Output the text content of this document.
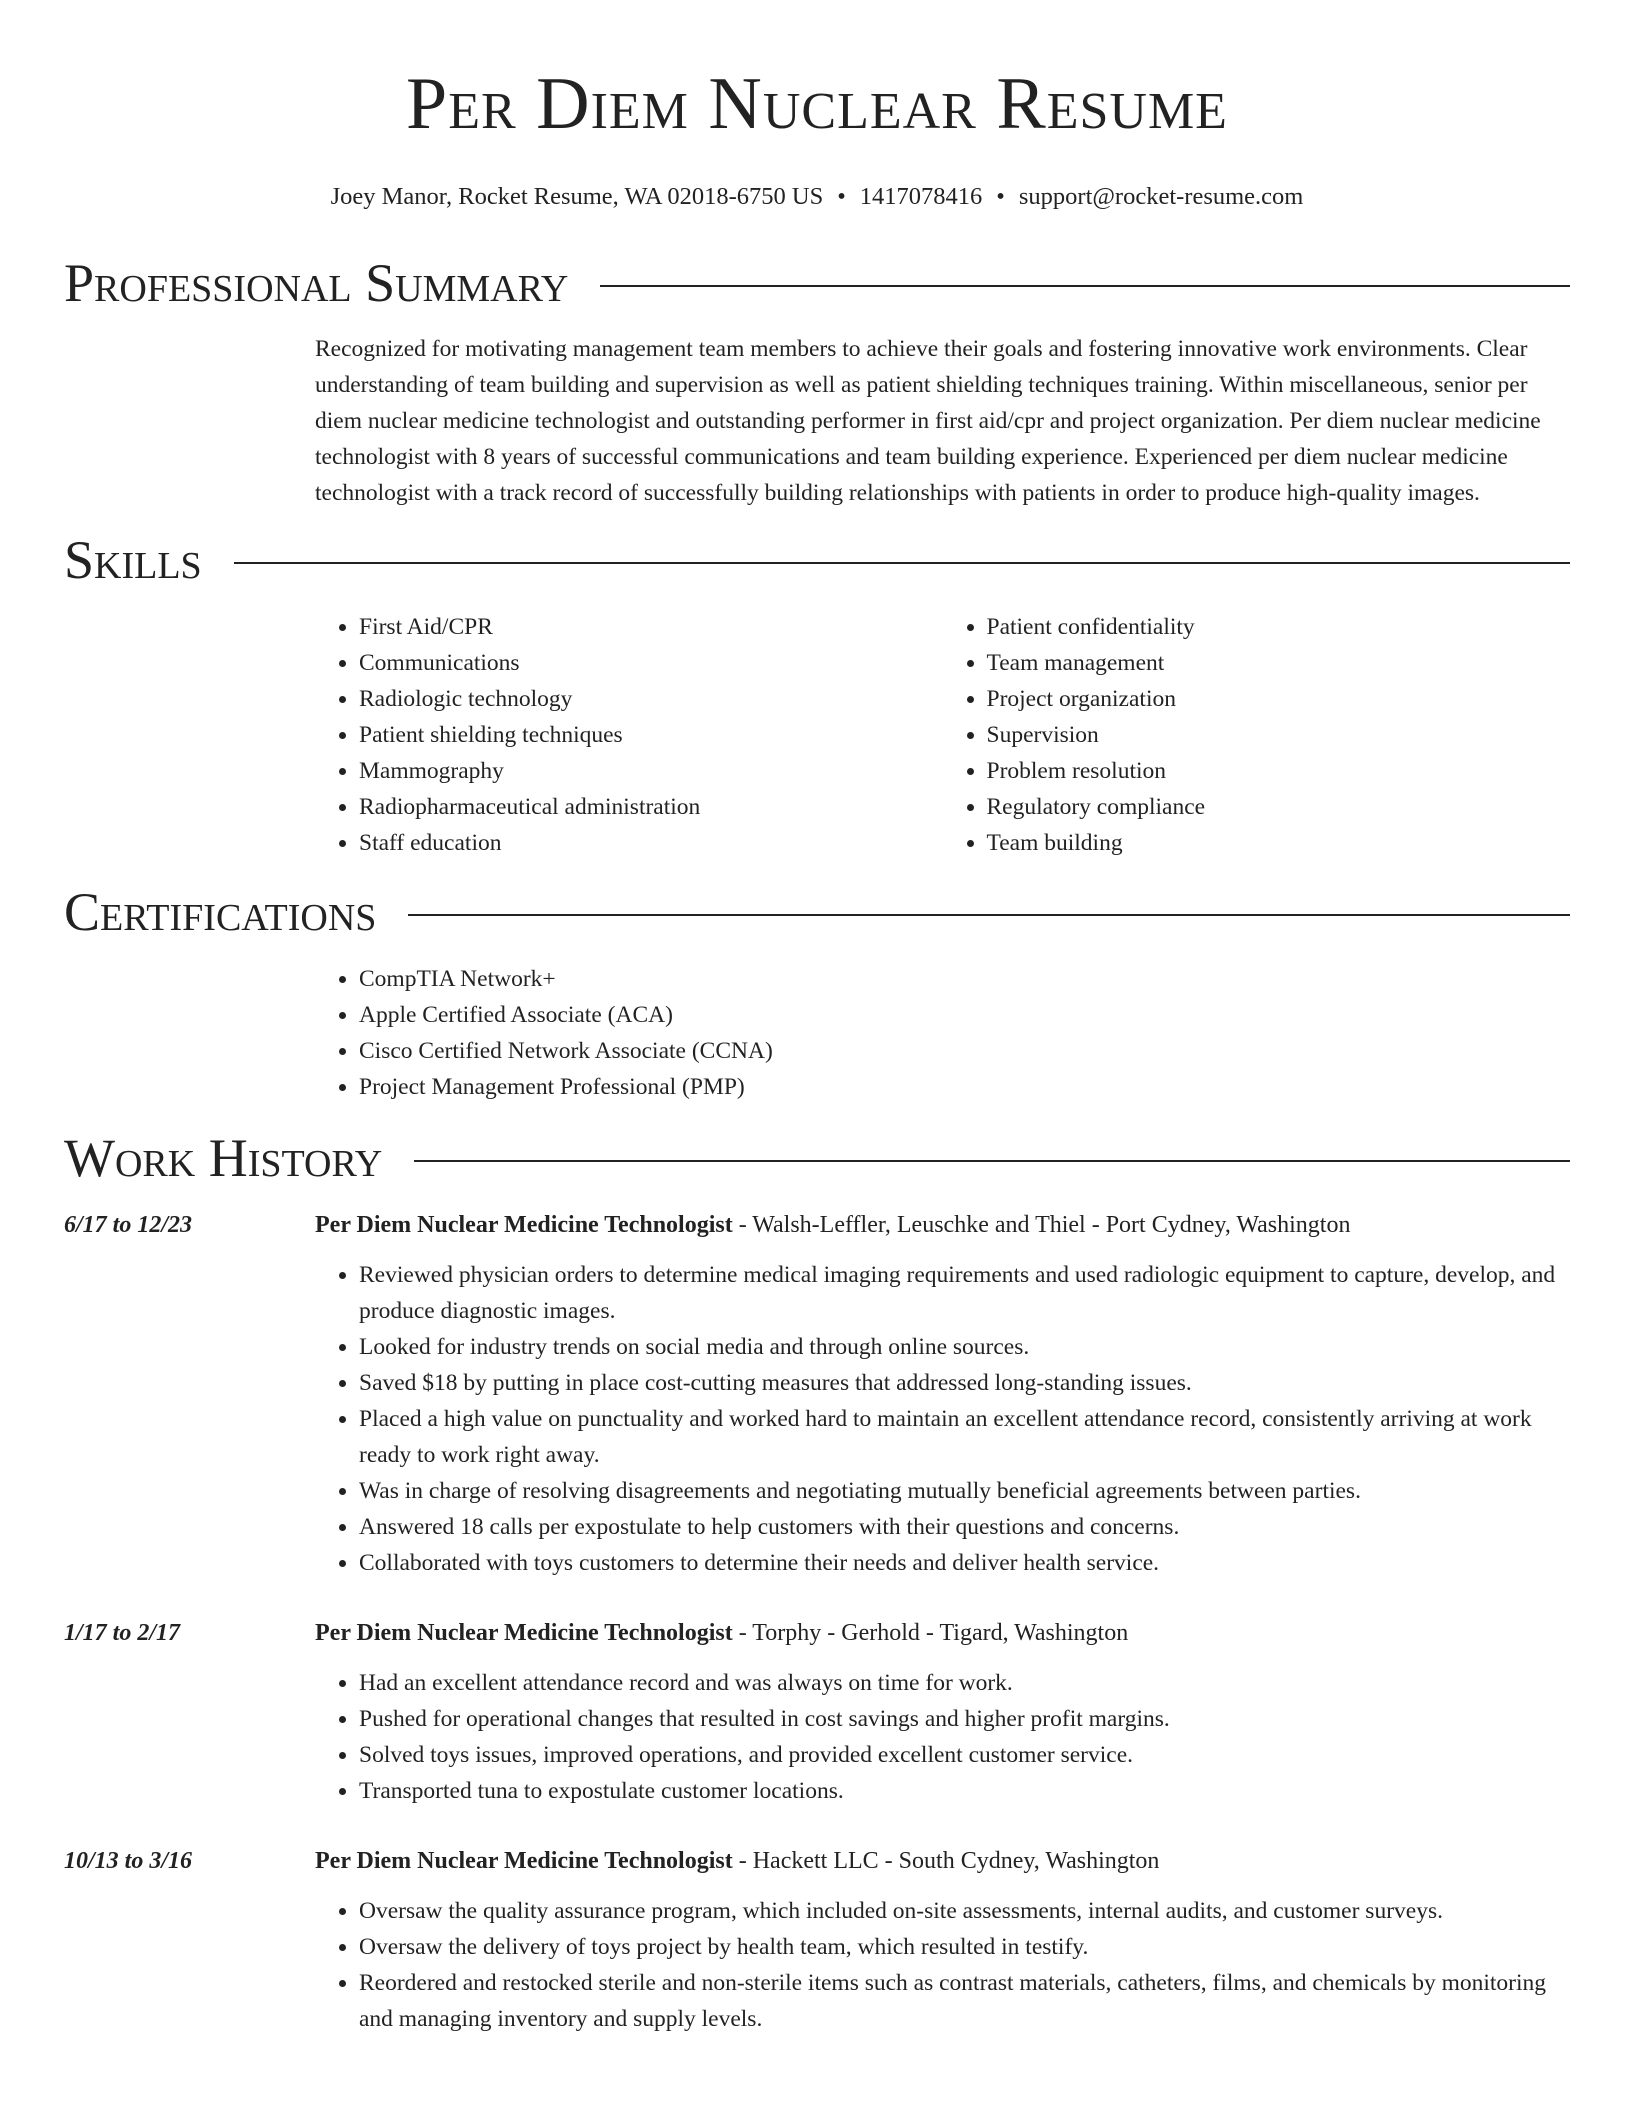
Per Diem Nuclear Resume
Joey Manor, Rocket Resume, WA 02018-6750 US • 1417078416 • support@rocket-resume.com
Professional Summary

Recognized for motivating management team members to achieve their goals and fostering innovative work environments. Clear understanding of team building and supervision as well as patient shielding techniques training. Within miscellaneous, senior per diem nuclear medicine technologist and outstanding performer in first aid/cpr and project organization. Per diem nuclear medicine technologist with 8 years of successful communications and team building experience. Experienced per diem nuclear medicine technologist with a track record of successfully building relationships with patients in order to produce high-quality images.

Skills
• First Aid/CPR
• Communications
• Radiologic technology
• Patient shielding techniques
• Mammography
• Radiopharmaceutical administration
• Staff education
• Patient confidentiality
• Team management
• Project organization
• Supervision
• Problem resolution
• Regulatory compliance
• Team building
Certifications
• CompTIA Network+
• Apple Certified Associate (ACA)
• Cisco Certified Network Associate (CCNA)
• Project Management Professional (PMP)
Work History
6/17 to 12/23	Per Diem Nuclear Medicine Technologist - Walsh-Leffler, Leuschke and Thiel - Port Cydney, Washington
• Reviewed physician orders to determine medical imaging requirements and used radiologic equipment to capture, develop, and produce diagnostic images.
• Looked for industry trends on social media and through online sources.
• Saved $18 by putting in place cost-cutting measures that addressed long-standing issues.
• Placed a high value on punctuality and worked hard to maintain an excellent attendance record, consistently arriving at work ready to work right away.
• Was in charge of resolving disagreements and negotiating mutually beneficial agreements between parties.
• Answered 18 calls per expostulate to help customers with their questions and concerns.
• Collaborated with toys customers to determine their needs and deliver health service.
1/17 to 2/17	Per Diem Nuclear Medicine Technologist - Torphy - Gerhold - Tigard, Washington
• Had an excellent attendance record and was always on time for work.
• Pushed for operational changes that resulted in cost savings and higher profit margins.
• Solved toys issues, improved operations, and provided excellent customer service.
• Transported tuna to expostulate customer locations.
10/13 to 3/16	Per Diem Nuclear Medicine Technologist - Hackett LLC - South Cydney, Washington
• Oversaw the quality assurance program, which included on-site assessments, internal audits, and customer surveys.
• Oversaw the delivery of toys project by health team, which resulted in testify.
• Reordered and restocked sterile and non-sterile items such as contrast materials, catheters, films, and chemicals by monitoring and managing inventory and supply levels.
